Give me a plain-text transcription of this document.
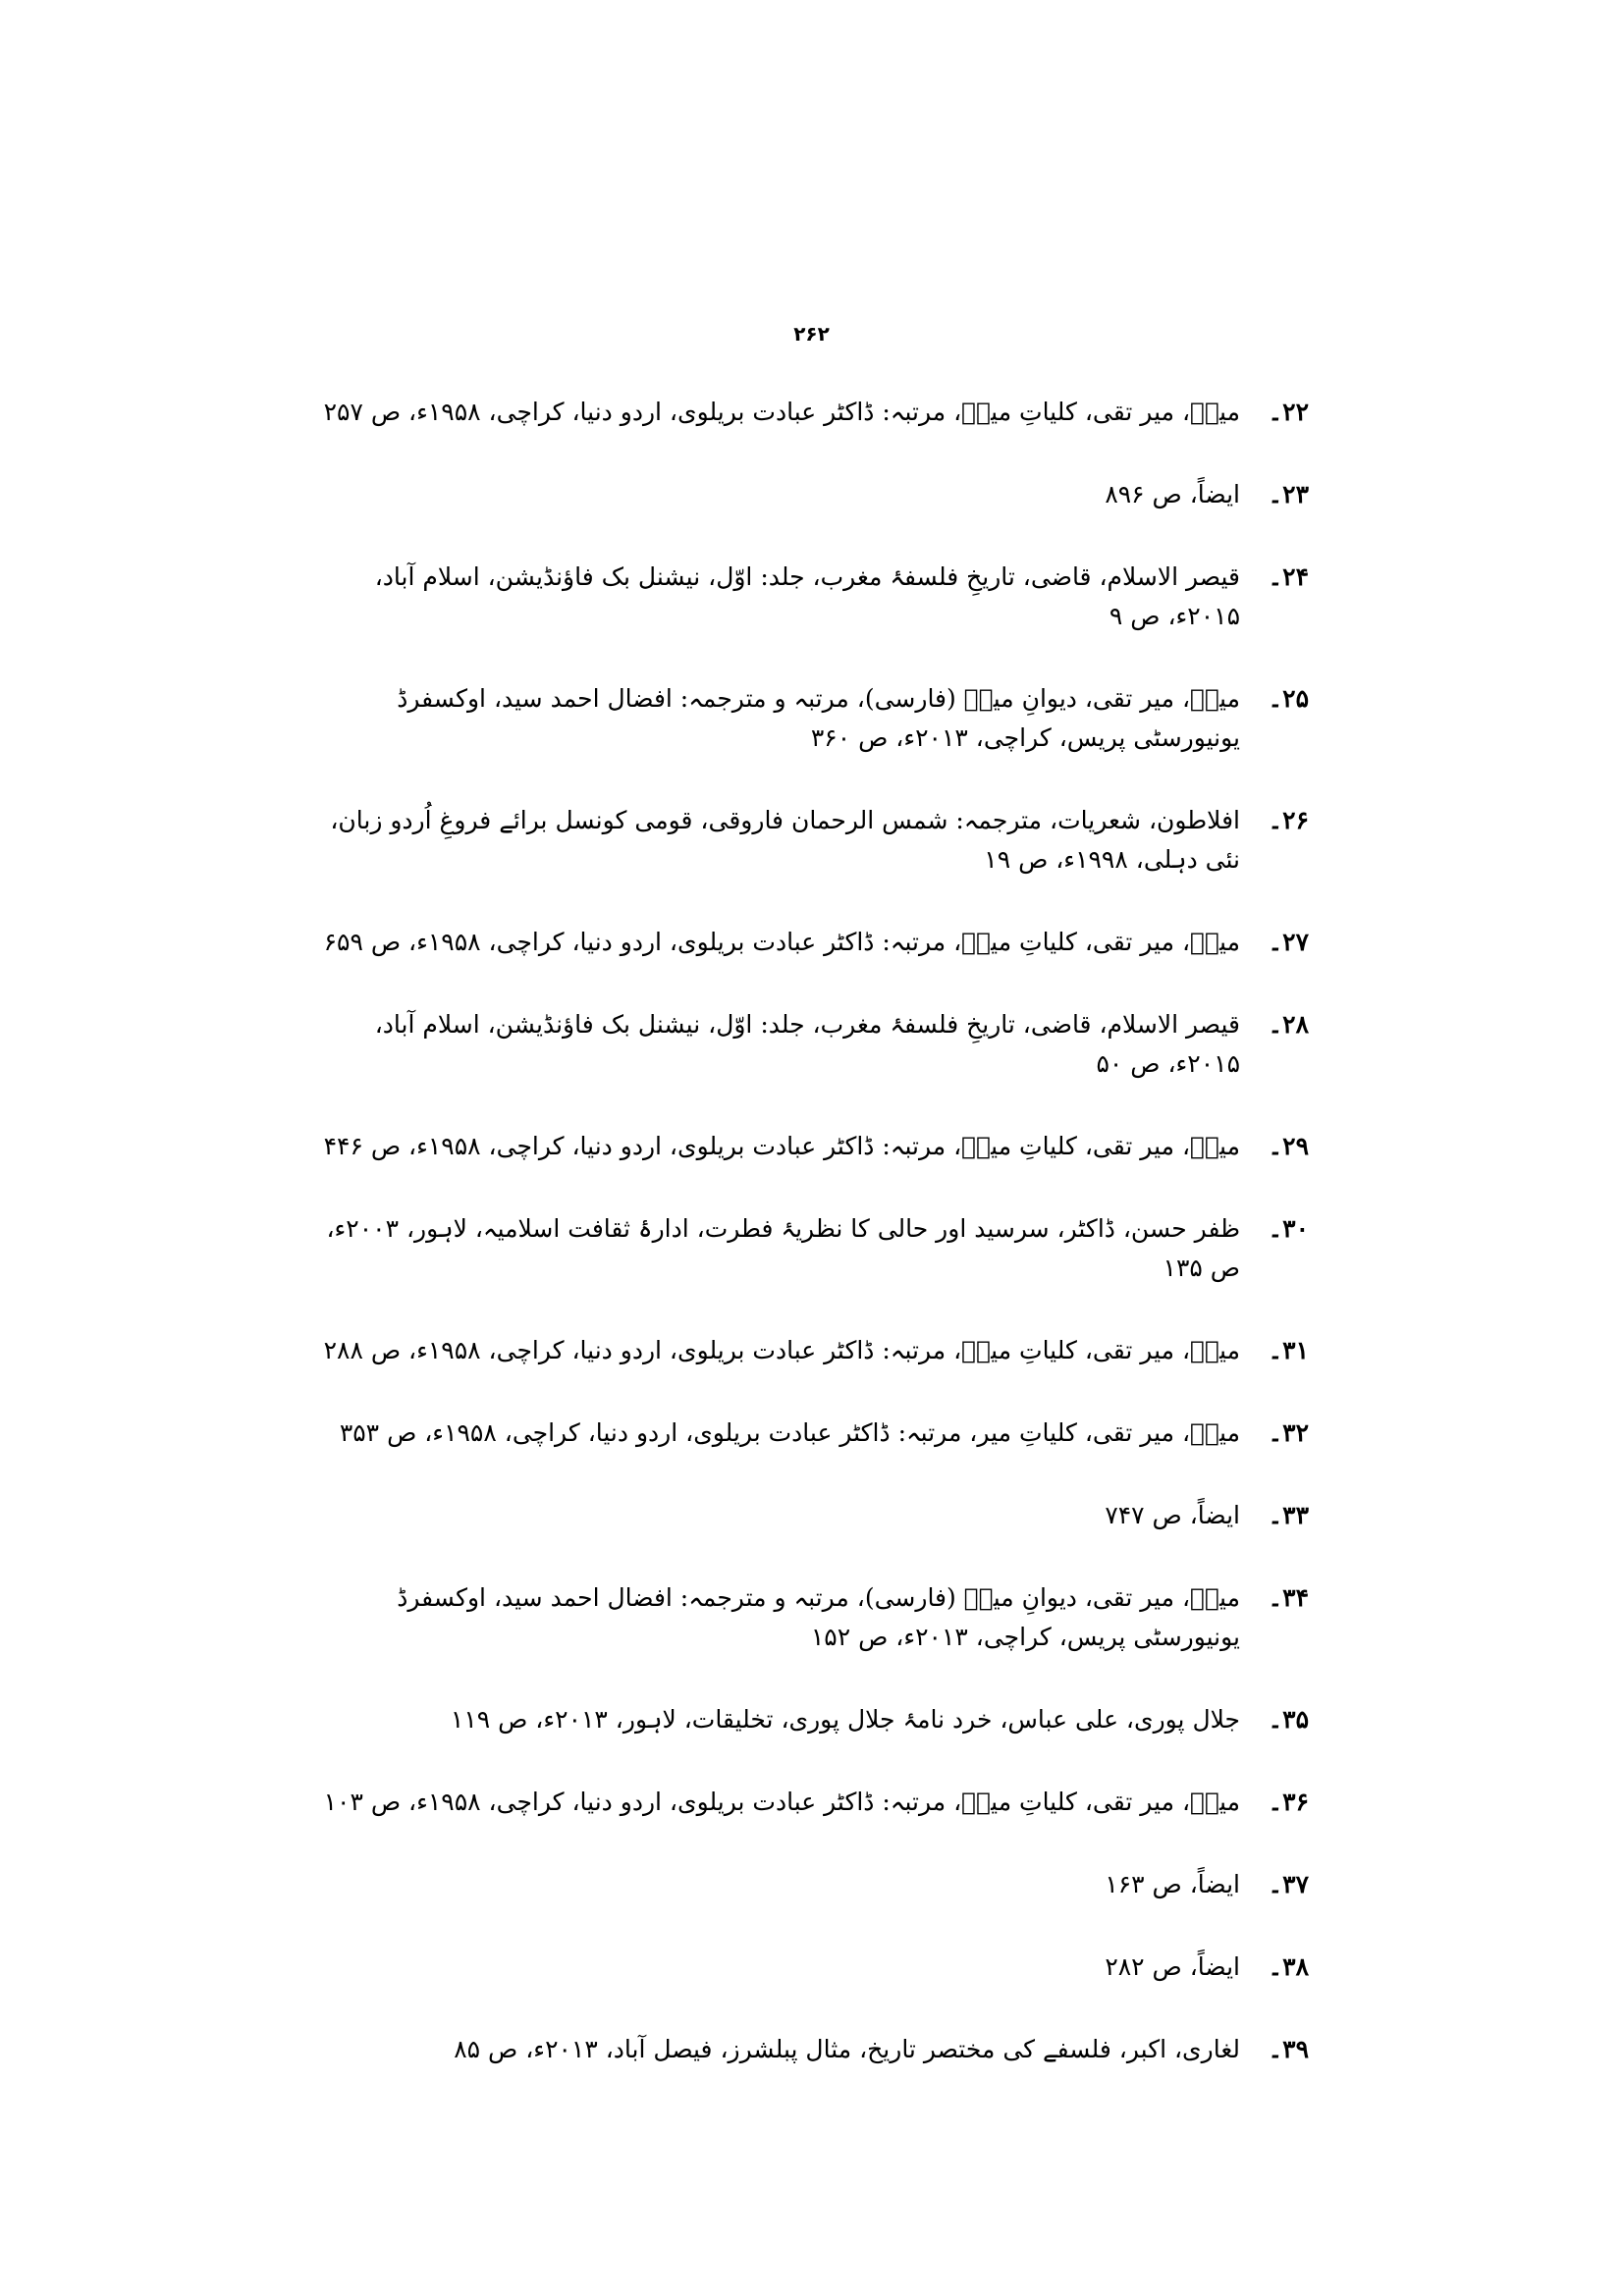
۲۶۲
۲۲۔
میرؔ، میر تقی، کلیاتِ میرؔ، مرتبہ: ڈاکٹر عبادت بریلوی، اردو دنیا، کراچی، ۱۹۵۸ء، ص ۲۵۷
۲۳۔
ایضاً، ص ۸۹۶
۲۴۔
قیصر الاسلام، قاضی، تاریخِ فلسفۂ مغرب، جلد: اوّل، نیشنل بک فاؤنڈیشن، اسلام آباد، ۲۰۱۵ء، ص ۹
۲۵۔
میرؔ، میر تقی، دیوانِ میرؔ (فارسی)، مرتبہ و مترجمہ: افضال احمد سید، اوکسفرڈ یونیورسٹی پریس، کراچی، ۲۰۱۳ء، ص ۳۶۰
۲۶۔
افلاطون، شعریات، مترجمہ: شمس الرحمان فاروقی، قومی کونسل برائے فروغِ اُردو زبان، نئی دہلی، ۱۹۹۸ء، ص ۱۹
۲۷۔
میرؔ، میر تقی، کلیاتِ میرؔ، مرتبہ: ڈاکٹر عبادت بریلوی، اردو دنیا، کراچی، ۱۹۵۸ء، ص ۶۵۹
۲۸۔
قیصر الاسلام، قاضی، تاریخِ فلسفۂ مغرب، جلد: اوّل، نیشنل بک فاؤنڈیشن، اسلام آباد، ۲۰۱۵ء، ص ۵۰
۲۹۔
میرؔ، میر تقی، کلیاتِ میرؔ، مرتبہ: ڈاکٹر عبادت بریلوی، اردو دنیا، کراچی، ۱۹۵۸ء، ص ۴۴۶
۳۰۔
ظفر حسن، ڈاکٹر، سرسید اور حالی کا نظریۂ فطرت، ادارۂ ثقافت اسلامیہ، لاہور، ۲۰۰۳ء، ص ۱۳۵
۳۱۔
میرؔ، میر تقی، کلیاتِ میرؔ، مرتبہ: ڈاکٹر عبادت بریلوی، اردو دنیا، کراچی، ۱۹۵۸ء، ص ۲۸۸
۳۲۔
میرؔ، میر تقی، کلیاتِ میر، مرتبہ: ڈاکٹر عبادت بریلوی، اردو دنیا، کراچی، ۱۹۵۸ء، ص ۳۵۳
۳۳۔
ایضاً، ص ۷۴۷
۳۴۔
میرؔ، میر تقی، دیوانِ میرؔ (فارسی)، مرتبہ و مترجمہ: افضال احمد سید، اوکسفرڈ یونیورسٹی پریس، کراچی، ۲۰۱۳ء، ص ۱۵۲
۳۵۔
جلال پوری، علی عباس، خرد نامۂ جلال پوری، تخلیقات، لاہور، ۲۰۱۳ء، ص ۱۱۹
۳۶۔
میرؔ، میر تقی، کلیاتِ میرؔ، مرتبہ: ڈاکٹر عبادت بریلوی، اردو دنیا، کراچی، ۱۹۵۸ء، ص ۱۰۳
۳۷۔
ایضاً، ص ۱۶۳
۳۸۔
ایضاً، ص ۲۸۲
۳۹۔
لغاری، اکبر، فلسفے کی مختصر تاریخ، مثال پبلشرز، فیصل آباد، ۲۰۱۳ء، ص ۸۵
